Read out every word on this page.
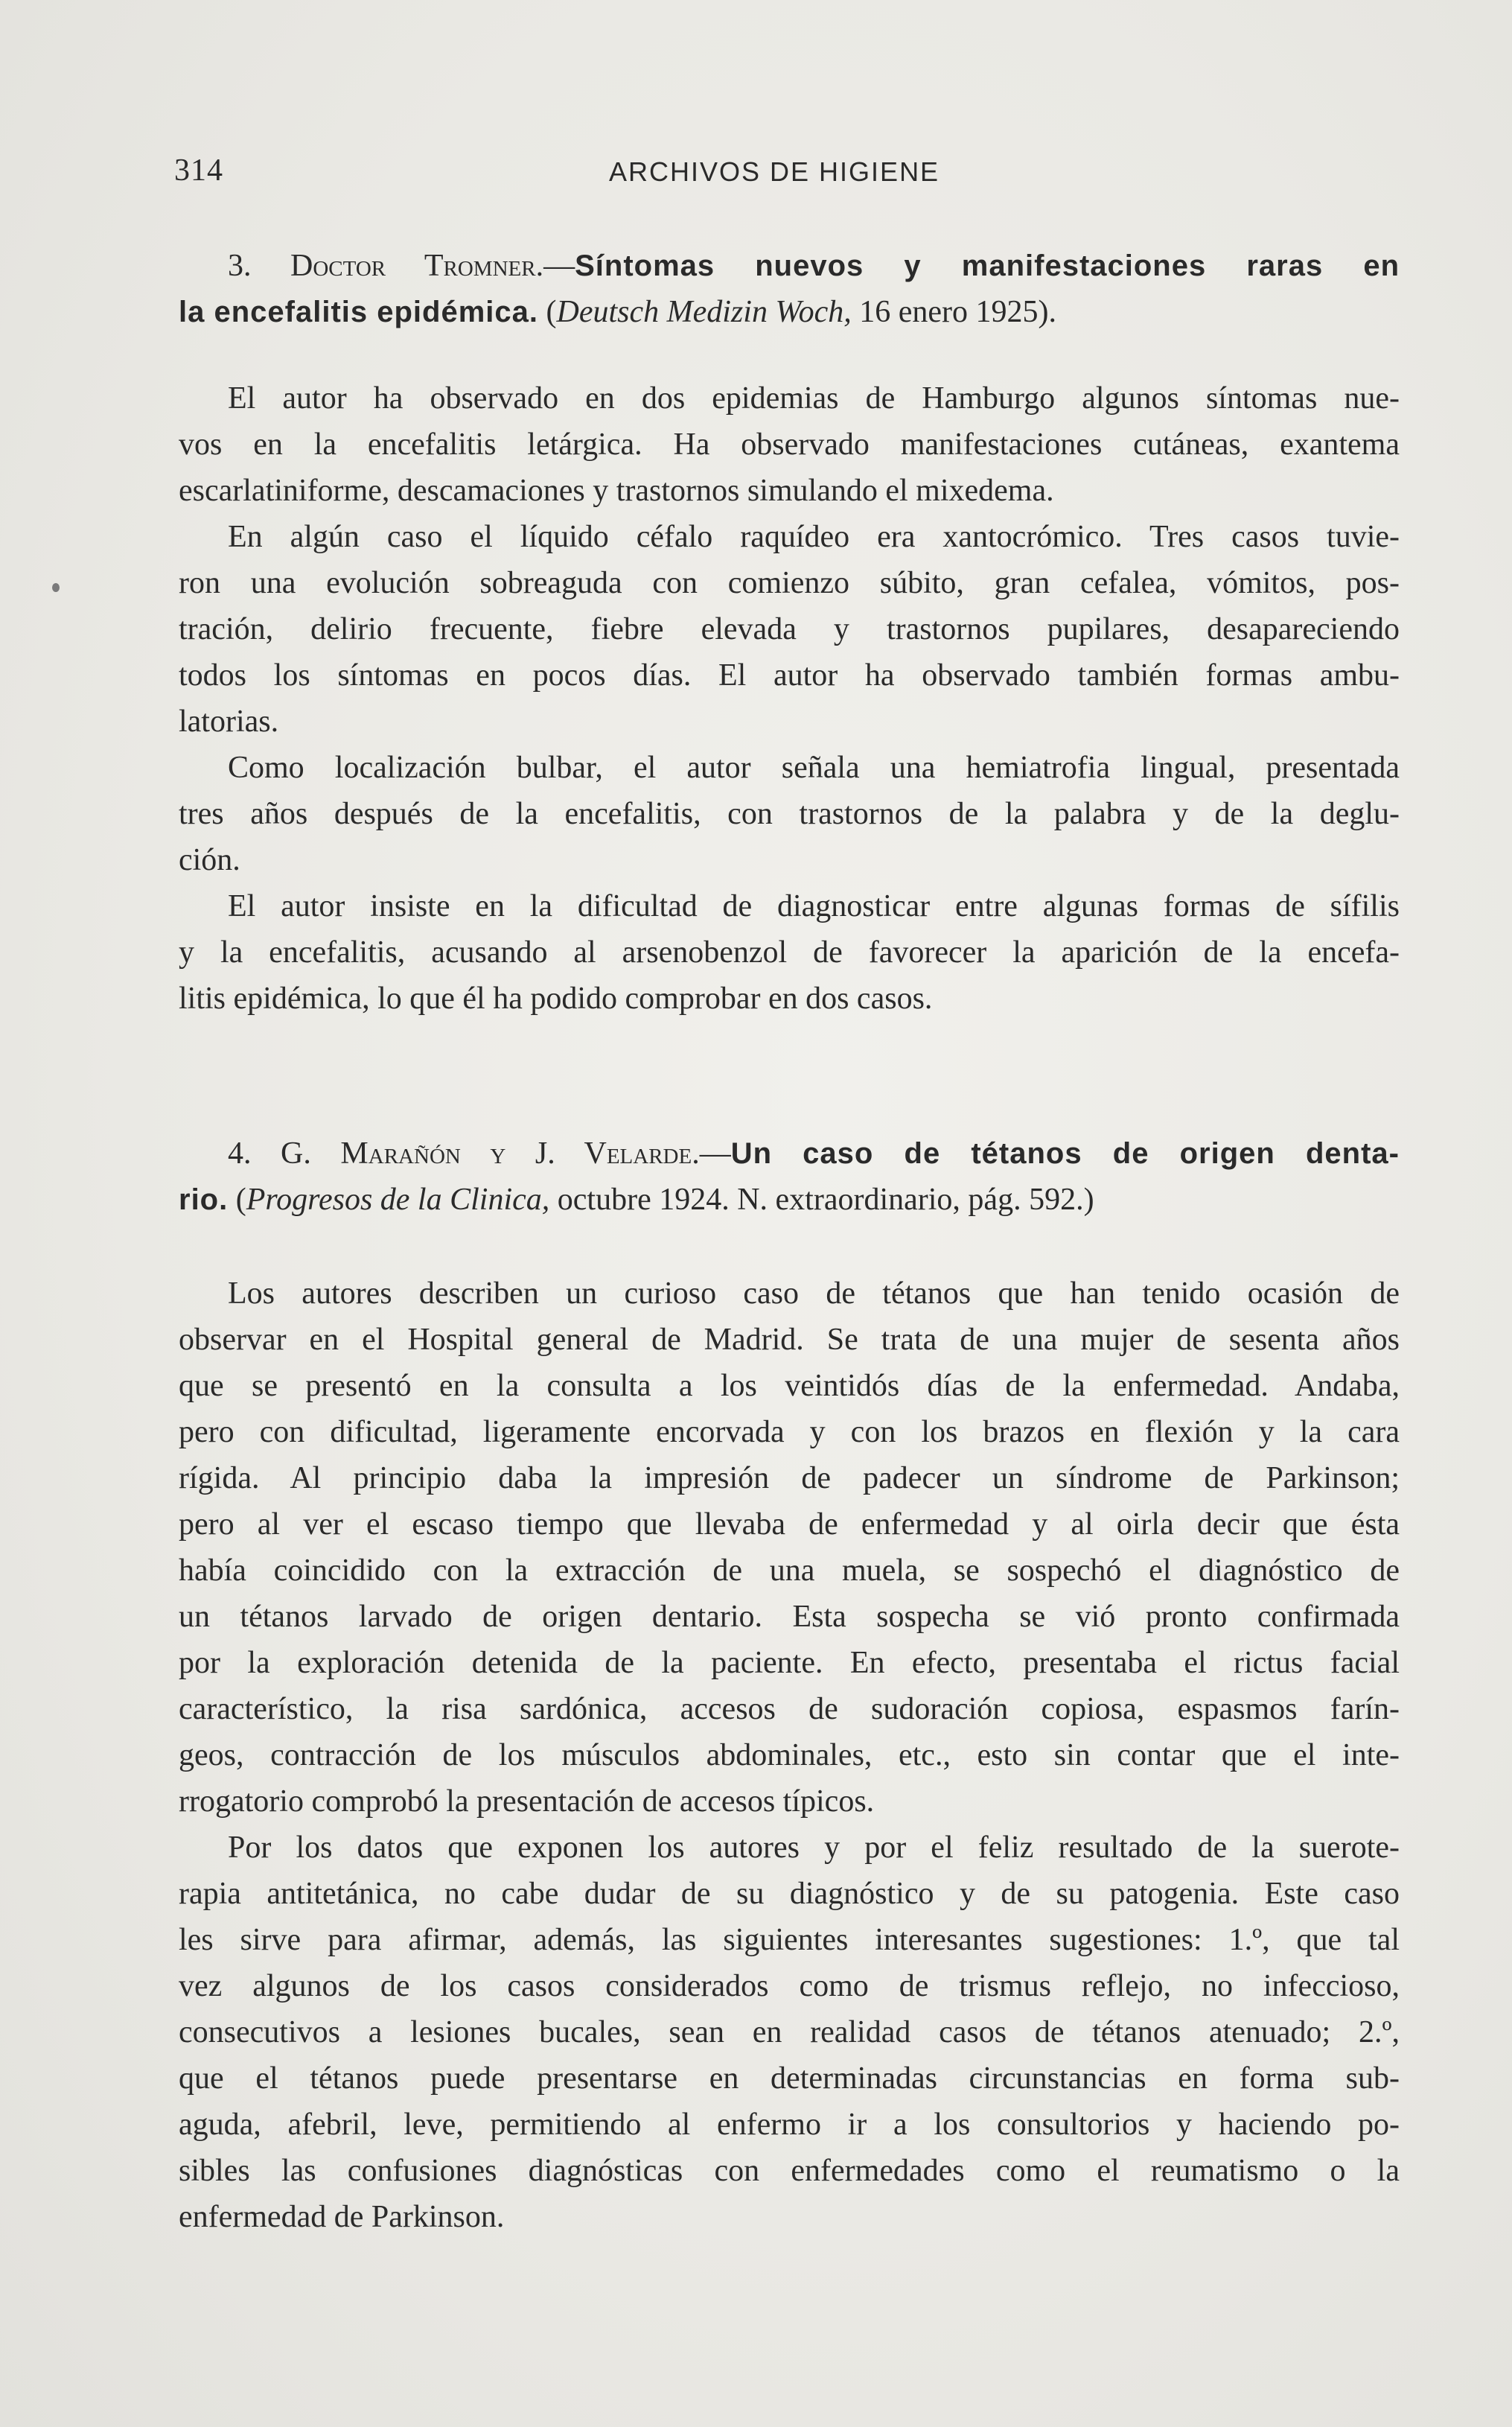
314	ARCHIVOS DE HIGIENE
3. Doctor Tromner.—Síntomas nuevos y manifestaciones raras en
la encefalitis epidémica. (Deutsch Medizin Woch, 16 enero 1925).
El autor ha observado en dos epidemias de Hamburgo algunos síntomas nue-
vos en la encefalitis letárgica. Ha observado manifestaciones cutáneas, exantema
escarlatiniforme, descamaciones y trastornos simulando el mixedema.
En algún caso el líquido céfalo raquídeo era xantocrómico. Tres casos tuvie-
ron una evolución sobreaguda con comienzo súbito, gran cefalea, vómitos, pos-
tración, delirio frecuente, fiebre elevada y trastornos pupilares, desapareciendo
todos los síntomas en pocos días. El autor ha observado también formas ambu-
latorias.
Como localización bulbar, el autor señala una hemiatrofia lingual, presentada
tres años después de la encefalitis, con trastornos de la palabra y de la deglu-
ción.
El autor insiste en la dificultad de diagnosticar entre algunas formas de sífilis
y la encefalitis, acusando al arsenobenzol de favorecer la aparición de la encefa-
litis epidémica, lo que él ha podido comprobar en dos casos.
4. G. Marañón y J. Velarde.—Un caso de tétanos de origen denta-
rio. (Progresos de la Clinica, octubre 1924. N. extraordinario, pág. 592.)
Los autores describen un curioso caso de tétanos que han tenido ocasión de
observar en el Hospital general de Madrid. Se trata de una mujer de sesenta años
que se presentó en la consulta a los veintidós días de la enfermedad. Andaba,
pero con dificultad, ligeramente encorvada y con los brazos en flexión y la cara
rígida. Al principio daba la impresión de padecer un síndrome de Parkinson;
pero al ver el escaso tiempo que llevaba de enfermedad y al oirla decir que ésta
había coincidido con la extracción de una muela, se sospechó el diagnóstico de
un tétanos larvado de origen dentario. Esta sospecha se vió pronto confirmada
por la exploración detenida de la paciente. En efecto, presentaba el rictus facial
característico, la risa sardónica, accesos de sudoración copiosa, espasmos farín-
geos, contracción de los músculos abdominales, etc., esto sin contar que el inte-
rrogatorio comprobó la presentación de accesos típicos.
Por los datos que exponen los autores y por el feliz resultado de la suerote-
rapia antitetánica, no cabe dudar de su diagnóstico y de su patogenia. Este caso
les sirve para afirmar, además, las siguientes interesantes sugestiones: 1.º, que tal
vez algunos de los casos considerados como de trismus reflejo, no infeccioso,
consecutivos a lesiones bucales, sean en realidad casos de tétanos atenuado; 2.º,
que el tétanos puede presentarse en determinadas circunstancias en forma sub-
aguda, afebril, leve, permitiendo al enfermo ir a los consultorios y haciendo po-
sibles las confusiones diagnósticas con enfermedades como el reumatismo o la
enfermedad de Parkinson.
